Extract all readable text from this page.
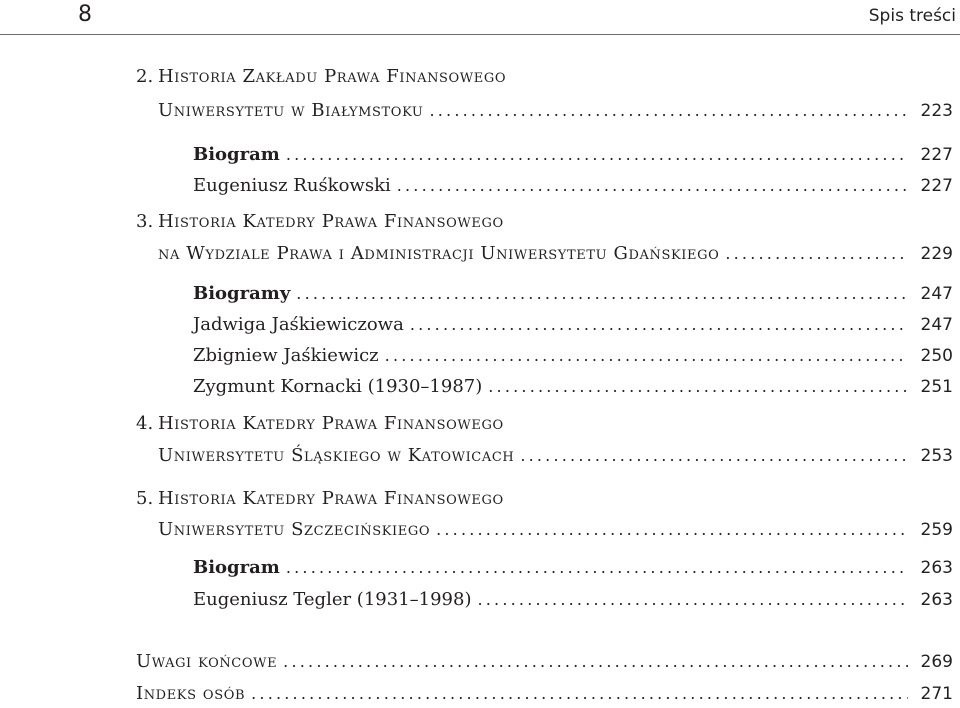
8	Spis treści
2. Historia Zakładu Prawa Finansowego
Uniwersytetu w Białymstoku .....	223
Biogram .....	227
Eugeniusz Ruśkowski .....	227
3. Historia Katedry Prawa Finansowego
na Wydziale Prawa i Administracji Uniwersytetu Gdańskiego .....	229
Biogramy .....	247
Jadwiga Jaśkiewiczowa .....	247
Zbigniew Jaśkiewicz .....	250
Zygmunt Kornacki (1930–1987) .....	251
4. Historia Katedry Prawa Finansowego
Uniwersytetu Śląskiego w Katowicach .....	253
5. Historia Katedry Prawa Finansowego
Uniwersytetu Szczecińskiego .....	259
Biogram .....	263
Eugeniusz Tegler (1931–1998) .....	263
Uwagi końcowe .....	269
Indeks osób .....	271
